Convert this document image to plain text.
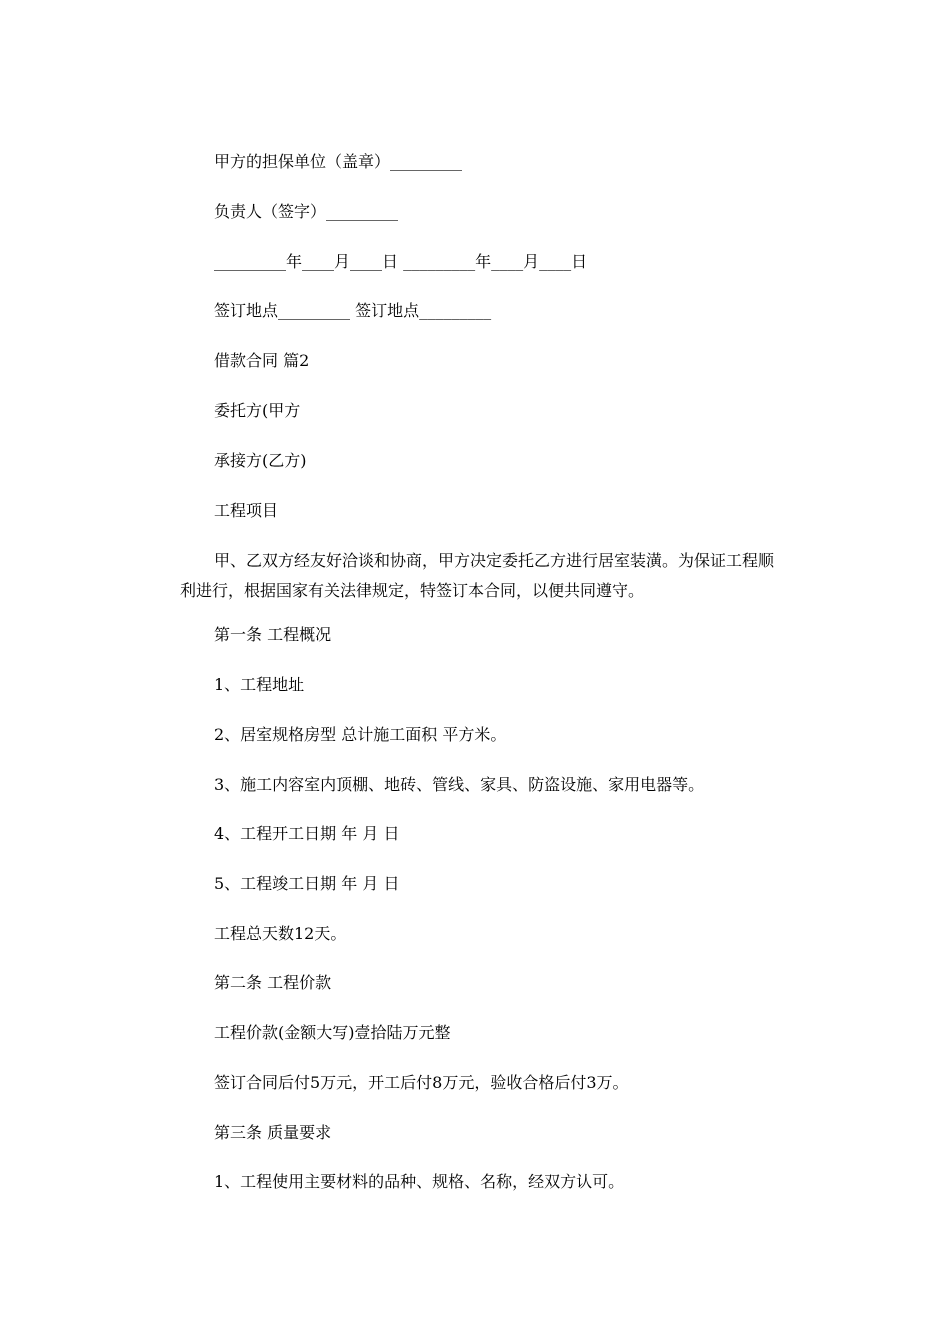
甲方的担保单位（盖章）_________

负责人（签字）_________

_________年____月____日 _________年____月____日

签订地点_________ 签订地点_________

借款合同 篇2

委托方(甲方

承接方(乙方)

工程项目

甲、乙双方经友好洽谈和协商，甲方决定委托乙方进行居室装潢。为保证工程顺利进行，根据国家有关法律规定，特签订本合同，以便共同遵守。

第一条 工程概况

1、工程地址

2、居室规格房型 总计施工面积 平方米。

3、施工内容室内顶棚、地砖、管线、家具、防盗设施、家用电器等。

4、工程开工日期 年 月 日

5、工程竣工日期 年 月 日

工程总天数12天。

第二条 工程价款

工程价款(金额大写)壹拾陆万元整

签订合同后付5万元，开工后付8万元，验收合格后付3万。

第三条 质量要求

1、工程使用主要材料的品种、规格、名称，经双方认可。
